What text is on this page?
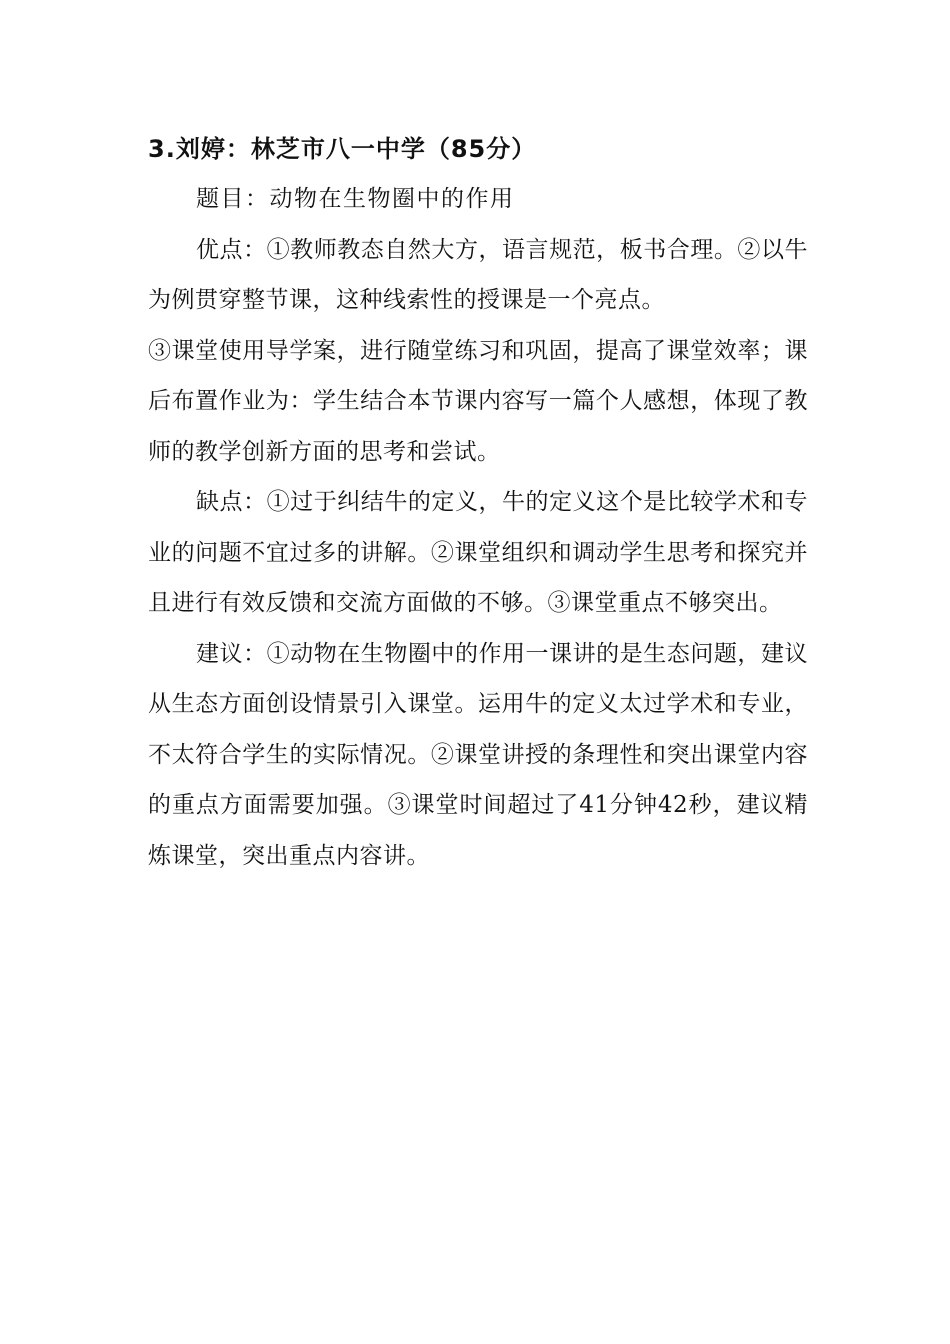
3.刘婷：林芝市八一中学（85分）

题目：动物在生物圈中的作用

优点：①教师教态自然大方，语言规范，板书合理。②以牛为例贯穿整节课，这种线索性的授课是一个亮点。

③课堂使用导学案，进行随堂练习和巩固，提高了课堂效率；课后布置作业为：学生结合本节课内容写一篇个人感想，体现了教师的教学创新方面的思考和尝试。

缺点：①过于纠结牛的定义，牛的定义这个是比较学术和专业的问题不宜过多的讲解。②课堂组织和调动学生思考和探究并且进行有效反馈和交流方面做的不够。③课堂重点不够突出。

建议：①动物在生物圈中的作用一课讲的是生态问题，建议从生态方面创设情景引入课堂。运用牛的定义太过学术和专业，不太符合学生的实际情况。②课堂讲授的条理性和突出课堂内容的重点方面需要加强。③课堂时间超过了41分钟42秒，建议精炼课堂，突出重点内容讲。
